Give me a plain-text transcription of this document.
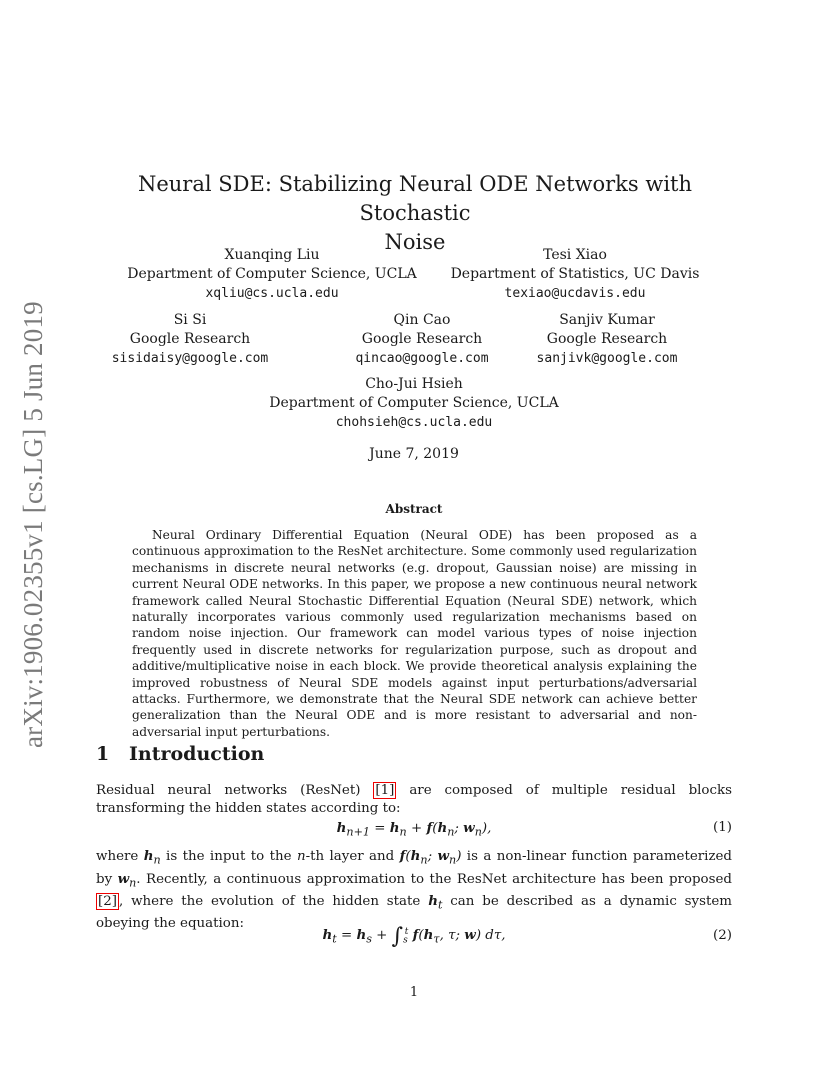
arXiv:1906.02355v1 [cs.LG] 5 Jun 2019
Neural SDE: Stabilizing Neural ODE Networks with Stochastic
Noise
Xuanqing Liu
Department of Computer Science, UCLA
xqliu@cs.ucla.edu
Tesi Xiao
Department of Statistics, UC Davis
texiao@ucdavis.edu
Si Si
Google Research
sisidaisy@google.com
Qin Cao
Google Research
qincao@google.com
Sanjiv Kumar
Google Research
sanjivk@google.com
Cho-Jui Hsieh
Department of Computer Science, UCLA
chohsieh@cs.ucla.edu
June 7, 2019
Abstract
Neural Ordinary Differential Equation (Neural ODE) has been proposed as a continuous approximation to the ResNet architecture. Some commonly used regularization mechanisms in discrete neural networks (e.g. dropout, Gaussian noise) are missing in current Neural ODE networks. In this paper, we propose a new continuous neural network framework called Neural Stochastic Differential Equation (Neural SDE) network, which naturally incorporates various commonly used regularization mechanisms based on random noise injection. Our framework can model various types of noise injection frequently used in discrete networks for regularization purpose, such as dropout and additive/multiplicative noise in each block. We provide theoretical analysis explaining the improved robustness of Neural SDE models against input perturbations/adversarial attacks. Furthermore, we demonstrate that the Neural SDE network can achieve better generalization than the Neural ODE and is more resistant to adversarial and non-adversarial input perturbations.
1 Introduction
Residual neural networks (ResNet) [1] are composed of multiple residual blocks transforming the hidden states according to:
$h_{n+1} = h_n + f(h_n$; $w_n$),	(1)
where $h_n$ is the input to the n-th layer and $f(h_n$; $w_n$) is a non-linear function parameterized by $w_n$. Recently, a continuous approximation to the ResNet architecture has been proposed [2] , where the evolution of the hidden state $h_t$ can be described as a dynamic system obeying the equation:
$h_t = h_s + \int_s^t$ $f(h_\tau$, τ; w) dτ,	(2)
1
